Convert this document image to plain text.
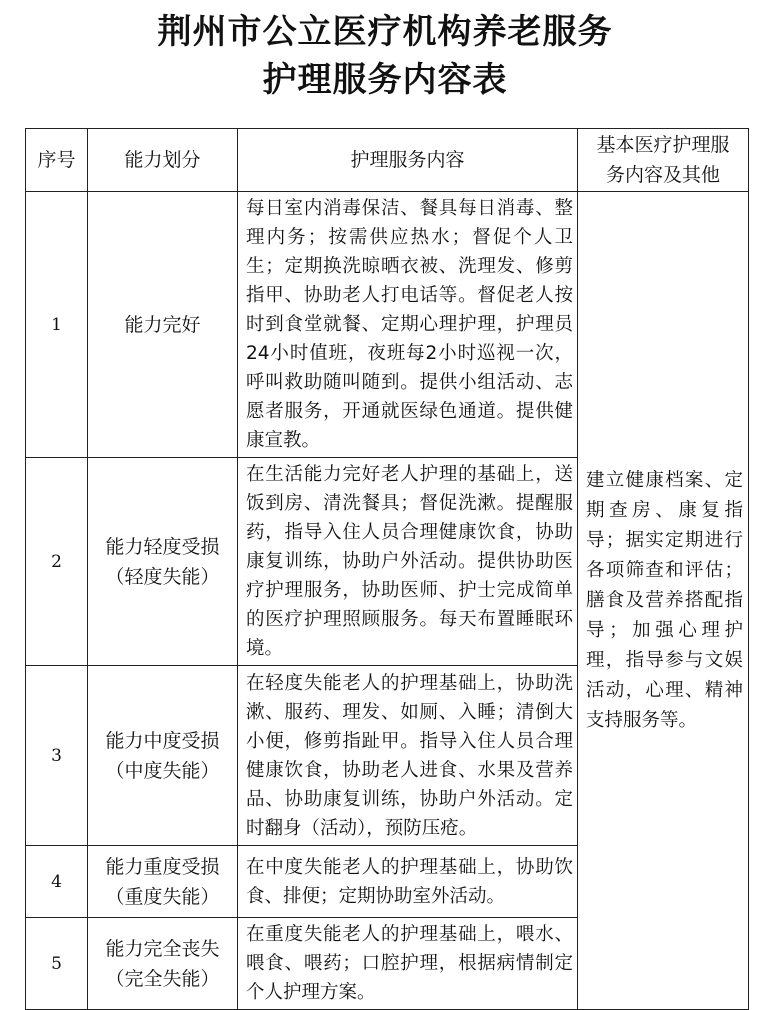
荆州市公立医疗机构养老服务
护理服务内容表
序号	能力划分	护理服务内容	基本医疗护理服
务内容及其他

1	能力完好	每日室内消毒保洁、餐具每日消毒、整理内务；按需供应热水；督促个人卫生；定期换洗晾晒衣被、洗理发、修剪指甲、协助老人打电话等。督促老人按时到食堂就餐、定期心理护理，护理员24小时值班，夜班每2小时巡视一次，呼叫救助随叫随到。提供小组活动、志愿者服务，开通就医绿色通道。提供健康宣教。	建立健康档案、定期查房、康复指导；据实定期进行各项筛查和评估；膳食及营养搭配指导；加强心理护理，指导参与文娱活动，心理、精神支持服务等。
2	能力轻度受损
（轻度失能）	在生活能力完好老人护理的基础上，送饭到房、清洗餐具；督促洗漱。提醒服药，指导入住人员合理健康饮食，协助康复训练，协助户外活动。提供协助医疗护理服务，协助医师、护士完成简单的医疗护理照顾服务。每天布置睡眠环境。	
3	能力中度受损
（中度失能）	在轻度失能老人的护理基础上，协助洗漱、服药、理发、如厕、入睡；清倒大小便，修剪指趾甲。指导入住人员合理健康饮食，协助老人进食、水果及营养品、协助康复训练，协助户外活动。定时翻身（活动），预防压疮。	
4	能力重度受损
（重度失能）	在中度失能老人的护理基础上，协助饮食、排便；定期协助室外活动。	
5	能力完全丧失
（完全失能）	在重度失能老人的护理基础上，喂水、喂食、喂药；口腔护理，根据病情制定个人护理方案。	
